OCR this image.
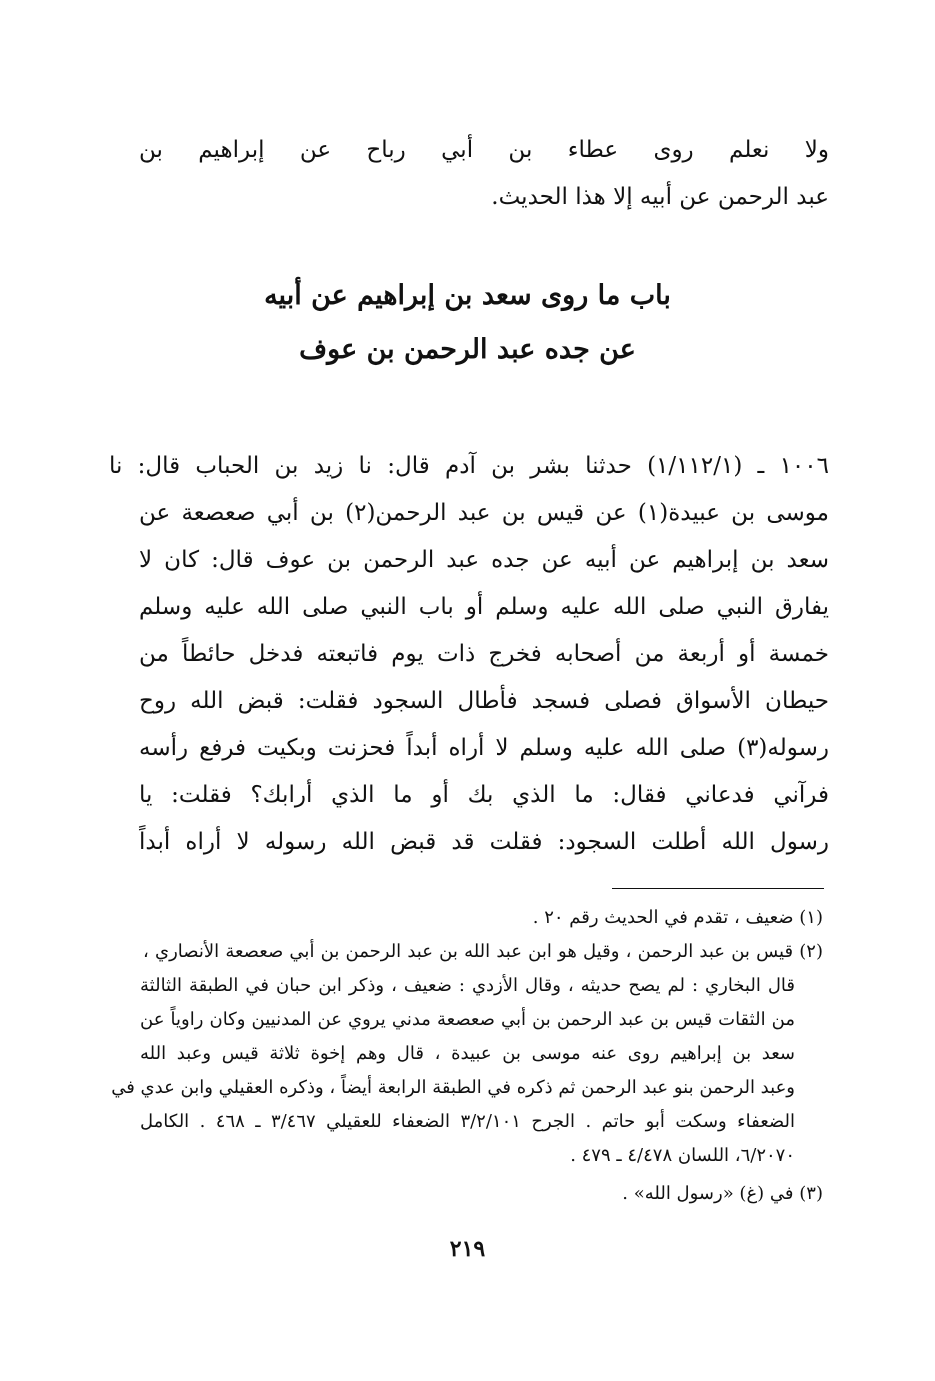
ولا نعلم روى عطاء بن أبي رباح عن إبراهيم بن
عبد الرحمن عن أبيه إلا هذا الحديث.
باب ما روى سعد بن إبراهيم عن أبيه
عن جده عبد الرحمن بن عوف
١٠٠٦ ـ (١/١١٢/١) حدثنا بشر بن آدم قال: نا زيد بن الحباب قال: نا
موسى بن عبيدة(١) عن قيس بن عبد الرحمن(٢) بن أبي صعصعة عن
سعد بن إبراهيم عن أبيه عن جده عبد الرحمن بن عوف قال: كان لا
يفارق النبي صلى الله عليه وسلم أو باب النبي صلى الله عليه وسلم
خمسة أو أربعة من أصحابه فخرج ذات يوم فاتبعته فدخل حائطاً من
حيطان الأسواق فصلى فسجد فأطال السجود فقلت: قبض الله روح
رسوله(٣) صلى الله عليه وسلم لا أراه أبداً فحزنت وبكيت فرفع رأسه
فرآني فدعاني فقال: ما الذي بك أو ما الذي أرابك؟ فقلت: يا
رسول الله أطلت السجود: فقلت قد قبض الله رسوله لا أراه أبداً
(١) ضعيف ، تقدم في الحديث رقم ٢٠ .
(٢) قيس بن عبد الرحمن ، وقيل هو ابن عبد الله بن عبد الرحمن بن أبي صعصعة الأنصاري ،
قال البخاري : لم يصح حديثه ، وقال الأزدي : ضعيف ، وذكر ابن حبان في الطبقة الثالثة
من الثقات قيس بن عبد الرحمن بن أبي صعصعة مدني يروي عن المدنيين وكان راوياً عن
سعد بن إبراهيم روى عنه موسى بن عبيدة ، قال وهم إخوة ثلاثة قيس وعبد الله
وعبد الرحمن بنو عبد الرحمن ثم ذكره في الطبقة الرابعة أيضاً ، وذكره العقيلي وابن عدي في
الضعفاء وسكت أبو حاتم . الجرح ٣/٢/١٠١ الضعفاء للعقيلي ٣/٤٦٧ ـ ٤٦٨ . الكامل
٦/٢٠٧٠، اللسان ٤/٤٧٨ ـ ٤٧٩ .
(٣) في (غ) «رسول الله» .
٢١٩
